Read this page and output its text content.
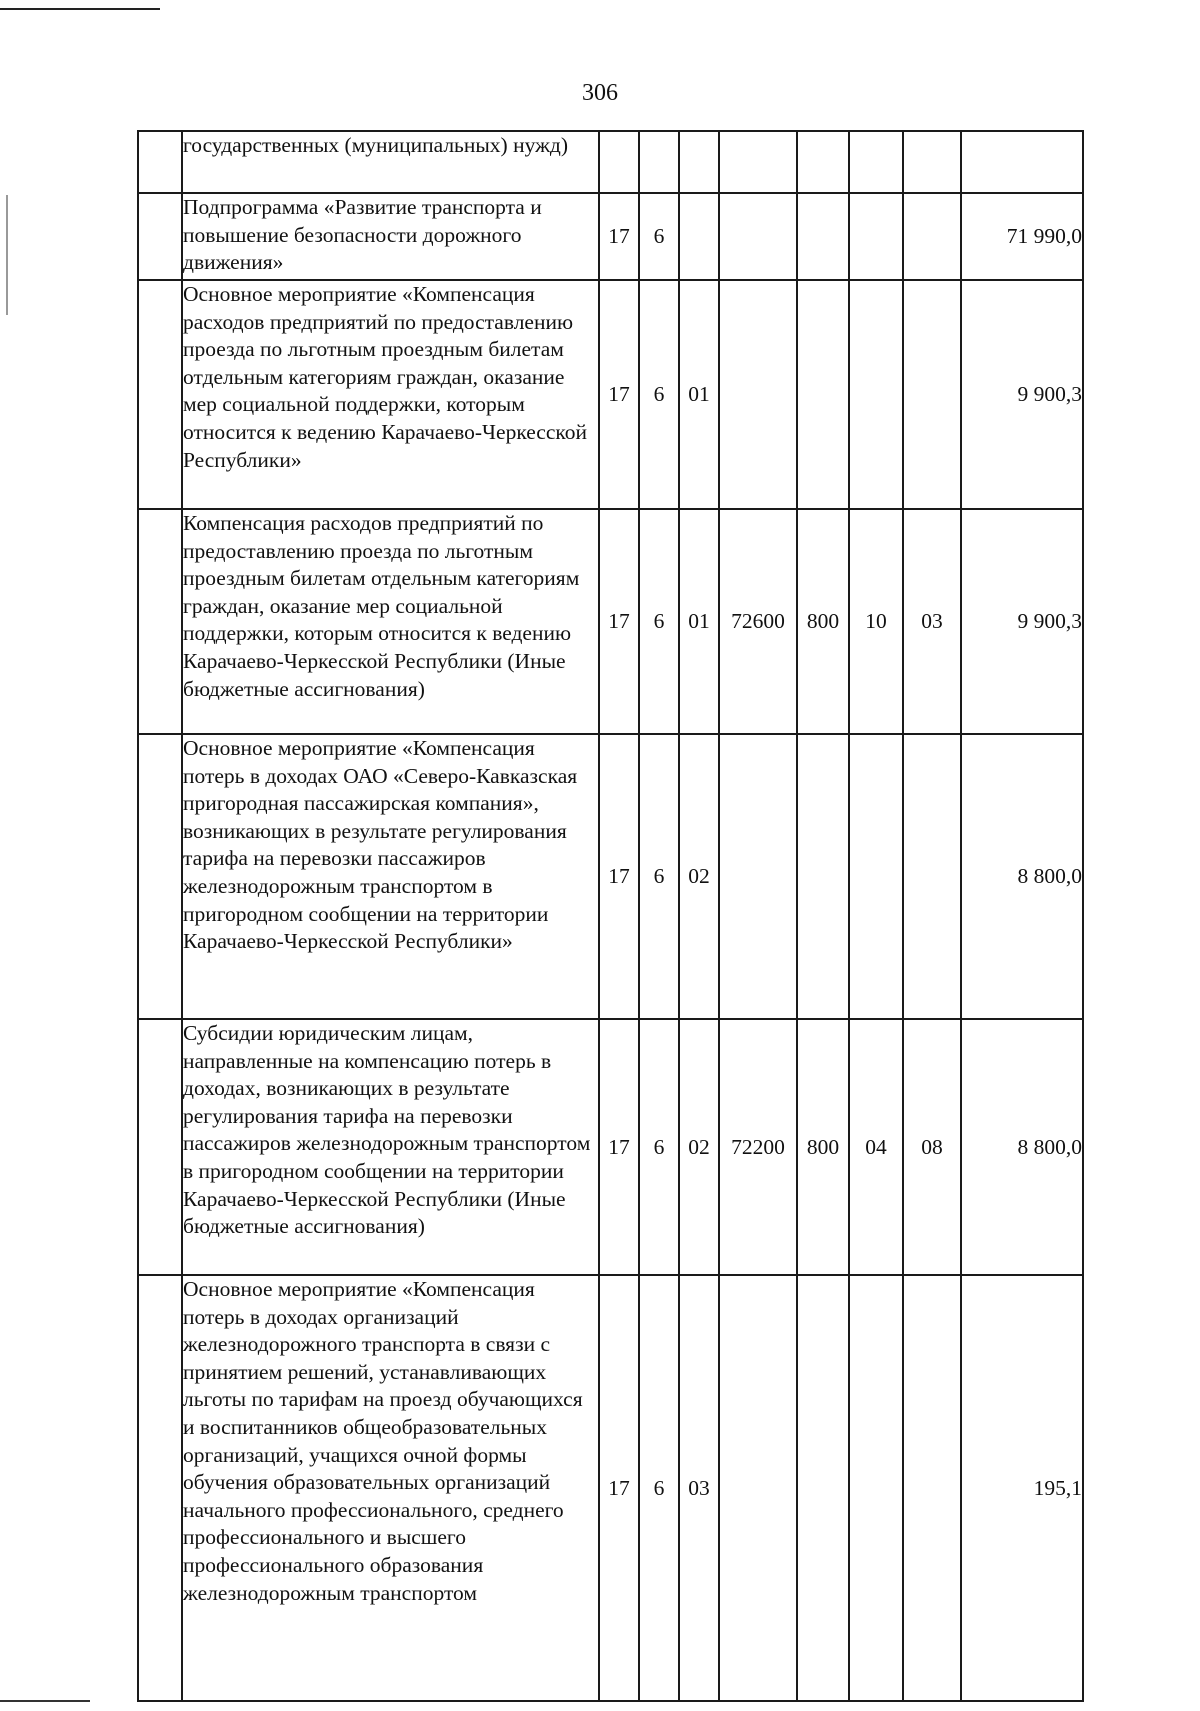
306
	государственных (муниципальных) нужд)								
	Подпрограмма «Развитие транспорта и повышение безопасности дорожного движения»	17	6						71 990,0
	Основное мероприятие «Компенсация расходов предприятий по предоставлению проезда по льготным проездным билетам отдельным категориям граждан, оказание мер социальной поддержки, которым относится к ведению Карачаево-Черкесской Республики»	17	6	01					9 900,3
	Компенсация расходов предприятий по предоставлению проезда по льготным проездным билетам отдельным категориям граждан, оказание мер социальной поддержки, которым относится к ведению Карачаево-Черкесской Республики (Иные бюджетные ассигнования)	17	6	01	72600	800	10	03	9 900,3
	Основное мероприятие «Компенсация потерь в доходах ОАО «Северо-Кавказская пригородная пассажирская компания», возникающих в результате регулирования тарифа на перевозки пассажиров железнодорожным транспортом в пригородном сообщении на территории Карачаево-Черкесской Республики»	17	6	02					8 800,0
	Субсидии юридическим лицам, направленные на компенсацию потерь в доходах, возникающих в результате регулирования тарифа на перевозки пассажиров железнодорожным транспортом в пригородном сообщении на территории Карачаево-Черкесской Республики (Иные бюджетные ассигнования)	17	6	02	72200	800	04	08	8 800,0
	Основное мероприятие «Компенсация потерь в доходах организаций железнодорожного транспорта в связи с принятием решений, устанавливающих льготы по тарифам на проезд обучающихся и воспитанников общеобразовательных организаций, учащихся очной формы обучения образовательных организаций начального профессионального, среднего профессионального и высшего профессионального образования железнодорожным транспортом	17	6	03					195,1
